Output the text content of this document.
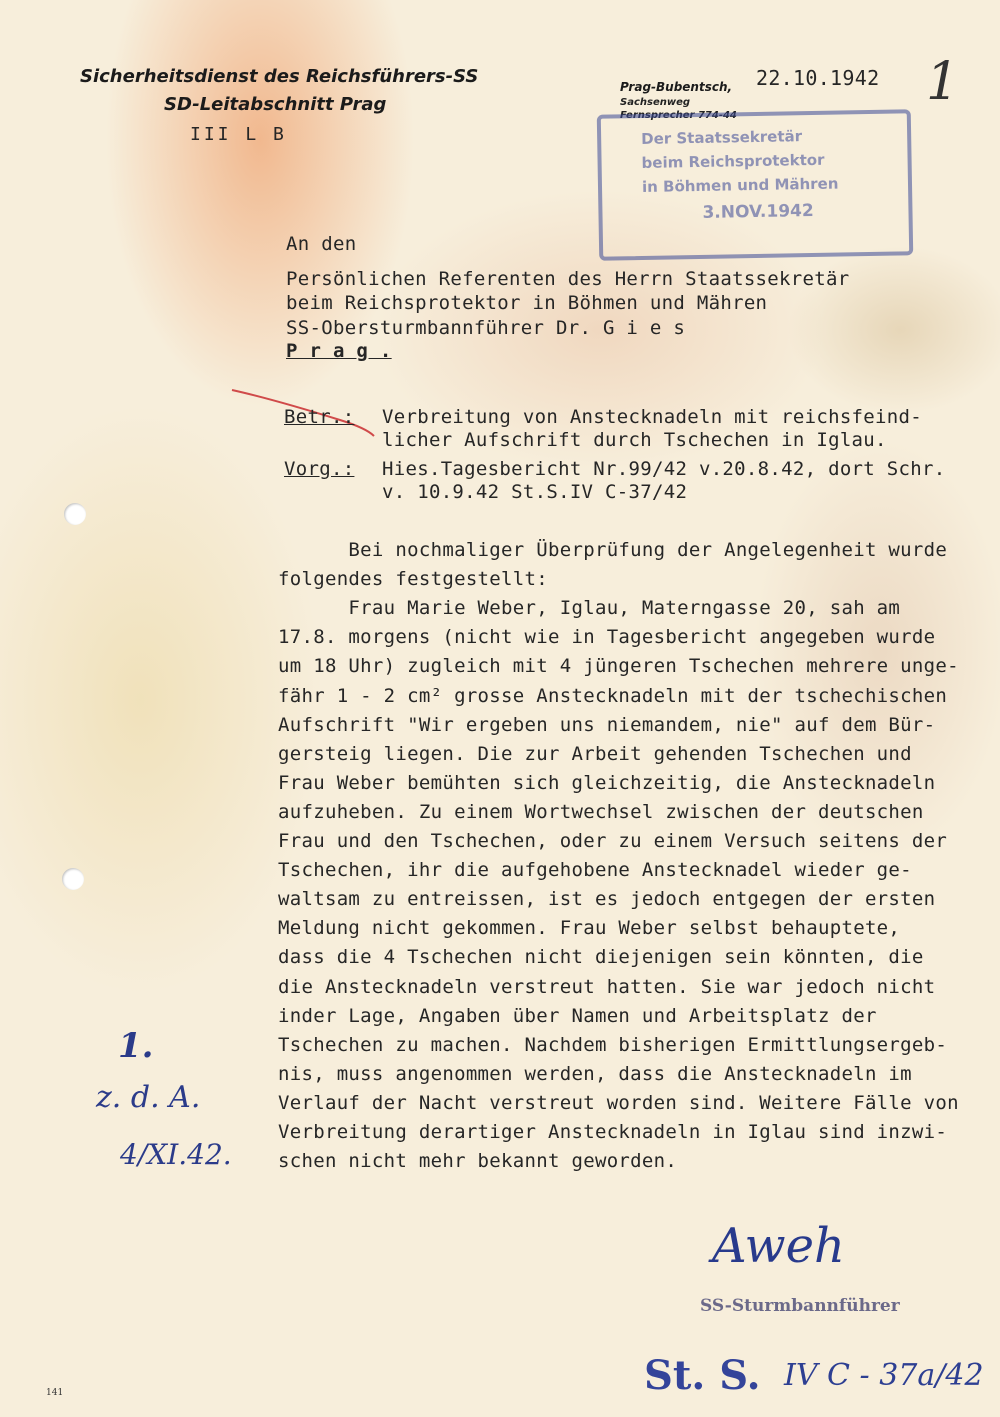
Sicherheitsdienst des Reichsführers-SS
SD-Leitabschnitt Prag
III L B
Prag-Bubentsch,
Sachsenweg
Fernsprecher 774-44
22.10.1942 1
Der Staatssekretär
beim Reichsprotektor
in Böhmen und Mähren
3.NOV.1942
An den
Persönlichen Referenten des Herrn Staatssekretär
beim Reichsprotektor in Böhmen und Mähren
SS-Obersturmbannführer Dr. G i e s
P r a g .
Betr.: Verbreitung von Anstecknadeln mit reichsfeind-
licher Aufschrift durch Tschechen in Iglau.
Vorg.: Hies.Tagesbericht Nr.99/42 v.20.8.42, dort Schr.
v. 10.9.42 St.S.IV C-37/42
Bei nochmaliger Überprüfung der Angelegenheit wurde
folgendes festgestellt:
Frau Marie Weber, Iglau, Materngasse 20, sah am
17.8. morgens (nicht wie in Tagesbericht angegeben wurde
um 18 Uhr) zugleich mit 4 jüngeren Tschechen mehrere unge-
fähr 1 - 2 cm² grosse Anstecknadeln mit der tschechischen
Aufschrift "Wir ergeben uns niemandem, nie" auf dem Bür-
gersteig liegen. Die zur Arbeit gehenden Tschechen und
Frau Weber bemühten sich gleichzeitig, die Anstecknadeln
aufzuheben. Zu einem Wortwechsel zwischen der deutschen
Frau und den Tschechen, oder zu einem Versuch seitens der
Tschechen, ihr die aufgehobene Anstecknadel wieder ge-
waltsam zu entreissen, ist es jedoch entgegen der ersten
Meldung nicht gekommen. Frau Weber selbst behauptete,
dass die 4 Tschechen nicht diejenigen sein könnten, die
die Anstecknadeln verstreut hatten. Sie war jedoch nicht
inder Lage, Angaben über Namen und Arbeitsplatz der
Tschechen zu machen. Nachdem bisherigen Ermittlungsergeb-
nis, muss angenommen werden, dass die Anstecknadeln im
Verlauf der Nacht verstreut worden sind. Weitere Fälle von
Verbreitung derartiger Anstecknadeln in Iglau sind inzwi-
schen nicht mehr bekannt geworden.
1.
z. d. A.
4/XI.42.
Aweh
SS-Sturmbannführer
St. S. IV C - 37a/42
141
